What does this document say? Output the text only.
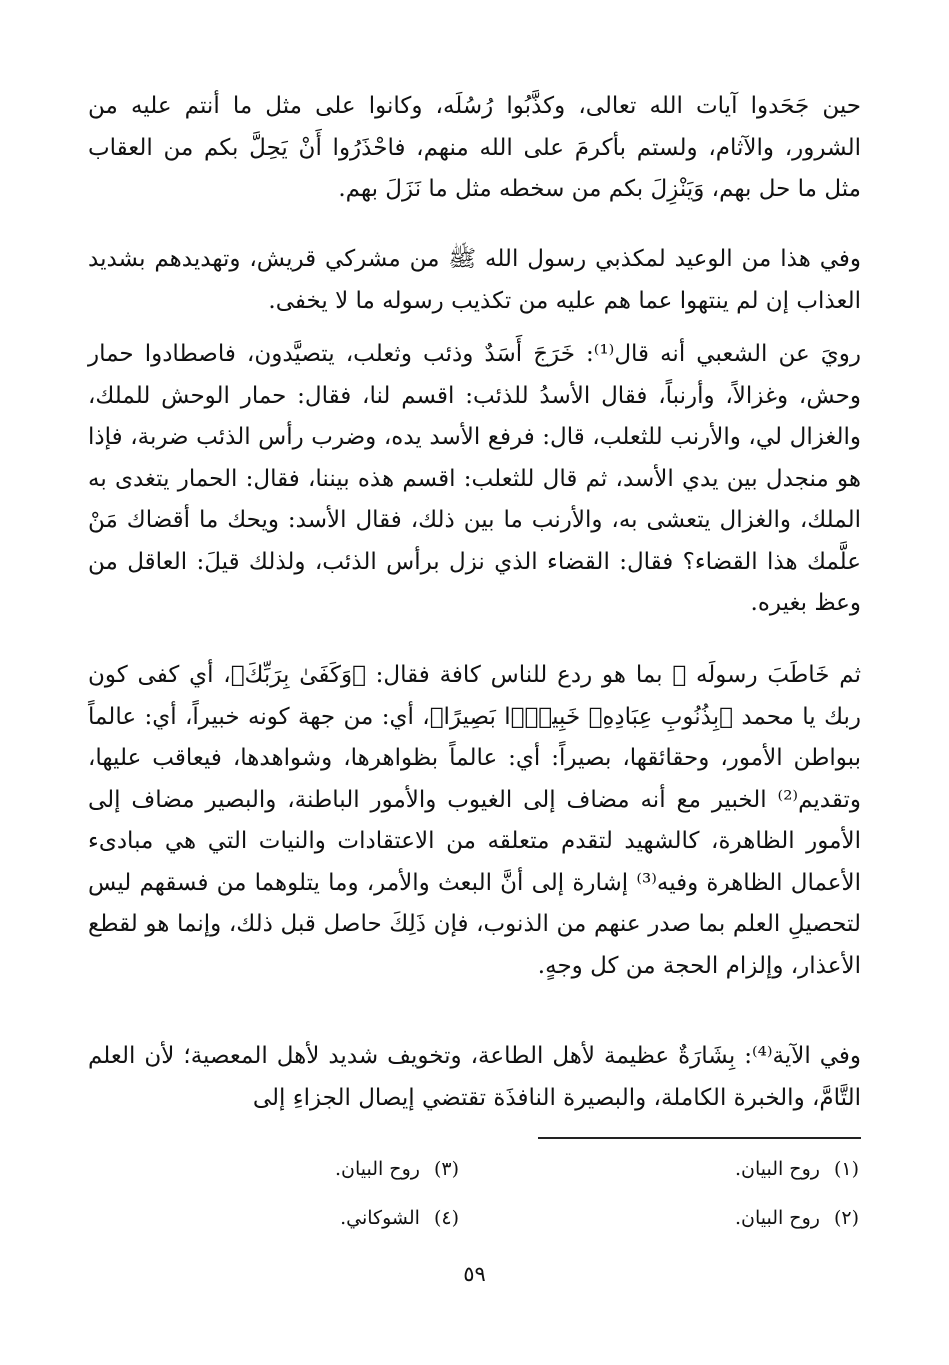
حين جَحَدوا آيات الله تعالى، وكذَّبُوا رُسُلَه، وكانوا على مثل ما أنتم عليه من الشرور، والآثام، ولستم بأكرمَ على الله منهم، فاحْذَرُوا أَنْ يَحِلَّ بكم من العقاب مثل ما حل بهم، وَيَنْزِلَ بكم من سخطه مثل ما نَزَلَ بهم.

وفي هذا من الوعيد لمكذبي رسول الله ﷺ من مشركي قريش، وتهديدهم بشديد العذاب إن لم ينتهوا عما هم عليه من تكذيب رسوله ما لا يخفى.

رويَ عن الشعبي أنه قال⁽¹⁾: خَرَجَ أَسَدٌ وذئب وثعلب، يتصيَّدون، فاصطادوا حمار وحش، وغزالاً، وأرنباً، فقال الأسدُ للذئب: اقسم لنا، فقال: حمار الوحش للملك، والغزال لي، والأرنب للثعلب، قال: فرفع الأسد يده، وضرب رأس الذئب ضربة، فإذا هو منجدل بين يدي الأسد، ثم قال للثعلب: اقسم هذه بيننا، فقال: الحمار يتغدى به الملك، والغزال يتعشى به، والأرنب ما بين ذلك، فقال الأسد: ويحك ما أقضاك مَنْ علَّمك هذا القضاء؟ فقال: القضاء الذي نزل برأس الذئب، ولذلك قيلَ: العاقل من وعظ بغيره.

ثم خَاطَبَ رسولَه ﷺ بما هو ردع للناس كافة فقال: ﴿وَكَفَىٰ بِرَبِّكَ﴾، أي كفى كون ربك يا محمد ﴿بِذُنُوبِ عِبَادِهِۦ خَبِيرًۢا بَصِيرًا﴾، أي: من جهة كونه خبيراً، أي: عالماً ببواطن الأمور، وحقائقها، بصيراً: أي: عالماً بظواهرها، وشواهدها، فيعاقب عليها، وتقديم⁽²⁾ الخبير مع أنه مضاف إلى الغيوب والأمور الباطنة، والبصير مضاف إلى الأمور الظاهرة، كالشهيد لتقدم متعلقه من الاعتقادات والنيات التي هي مبادىء الأعمال الظاهرة وفيه⁽³⁾ إشارة إلى أنَّ البعث والأمر، وما يتلوهما من فسقهم ليس لتحصيلِ العلم بما صدر عنهم من الذنوب، فإن ذَلِكَ حاصل قبل ذلك، وإنما هو لقطع الأعذار، وإلزام الحجة من كل وجهٍ.

وفي الآية⁽⁴⁾: بِشَارَةٌ عظيمة لأهل الطاعة، وتخويف شديد لأهل المعصية؛ لأن العلم التَّامَّ، والخبرة الكاملة، والبصيرة النافذَة تقتضي إيصال الجزاءِ إلى

(١)روح البيان.
(٢)روح البيان.
(٣)روح البيان.
(٤)الشوكاني.
٥٩
